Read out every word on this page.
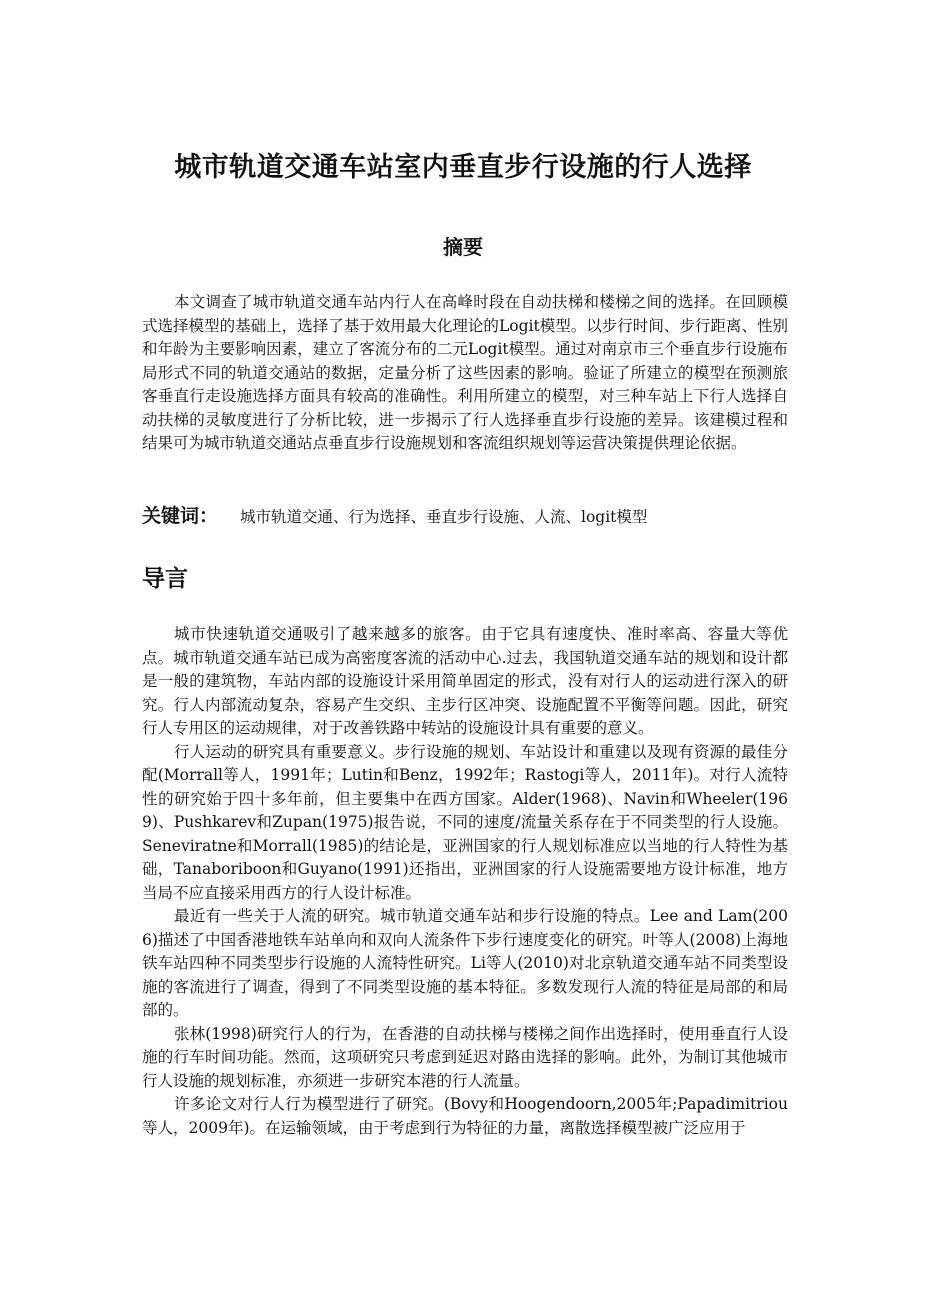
城市轨道交通车站室内垂直步行设施的行人选择
摘要

本文调查了城市轨道交通车站内行人在高峰时段在自动扶梯和楼梯之间的选择。在回顾模式选择模型的基础上，选择了基于效用最大化理论的Logit模型。以步行时间、步行距离、性别和年龄为主要影响因素，建立了客流分布的二元Logit模型。通过对南京市三个垂直步行设施布局形式不同的轨道交通站的数据，定量分析了这些因素的影响。验证了所建立的模型在预测旅客垂直行走设施选择方面具有较高的准确性。利用所建立的模型，对三种车站上下行人选择自动扶梯的灵敏度进行了分析比较，进一步揭示了行人选择垂直步行设施的差异。该建模过程和结果可为城市轨道交通站点垂直步行设施规划和客流组织规划等运营决策提供理论依据。

关键词： 城市轨道交通、行为选择、垂直步行设施、人流、logit模型
导言

城市快速轨道交通吸引了越来越多的旅客。由于它具有速度快、准时率高、容量大等优点。城市轨道交通车站已成为高密度客流的活动中心.过去，我国轨道交通车站的规划和设计都是一般的建筑物，车站内部的设施设计采用简单固定的形式，没有对行人的运动进行深入的研究。行人内部流动复杂，容易产生交织、主步行区冲突、设施配置不平衡等问题。因此，研究行人专用区的运动规律，对于改善铁路中转站的设施设计具有重要的意义。

行人运动的研究具有重要意义。步行设施的规划、车站设计和重建以及现有资源的最佳分配(Morrall等人，1991年；Lutin和Benz，1992年；Rastogi等人，2011年)。对行人流特性的研究始于四十多年前，但主要集中在西方国家。Alder(1968)、Navin和Wheeler(1969)、Pushkarev和Zupan(1975)报告说，不同的速度/流量关系存在于不同类型的行人设施。Seneviratne和Morrall(1985)的结论是，亚洲国家的行人规划标准应以当地的行人特性为基础，Tanaboriboon和Guyano(1991)还指出，亚洲国家的行人设施需要地方设计标准，地方当局不应直接采用西方的行人设计标准。

最近有一些关于人流的研究。城市轨道交通车站和步行设施的特点。Lee and Lam(2006)描述了中国香港地铁车站单向和双向人流条件下步行速度变化的研究。叶等人(2008)上海地铁车站四种不同类型步行设施的人流特性研究。Li等人(2010)对北京轨道交通车站不同类型设施的客流进行了调查，得到了不同类型设施的基本特征。多数发现行人流的特征是局部的和局部的。

张林(1998)研究行人的行为，在香港的自动扶梯与楼梯之间作出选择时，使用垂直行人设施的行车时间功能。然而，这项研究只考虑到延迟对路由选择的影响。此外，为制订其他城市行人设施的规划标准，亦须进一步研究本港的行人流量。

许多论文对行人行为模型进行了研究。(Bovy和Hoogendoorn,2005年;Papadimitriou等人，2009年)。在运输领域，由于考虑到行为特征的力量，离散选择模型被广泛应用于
